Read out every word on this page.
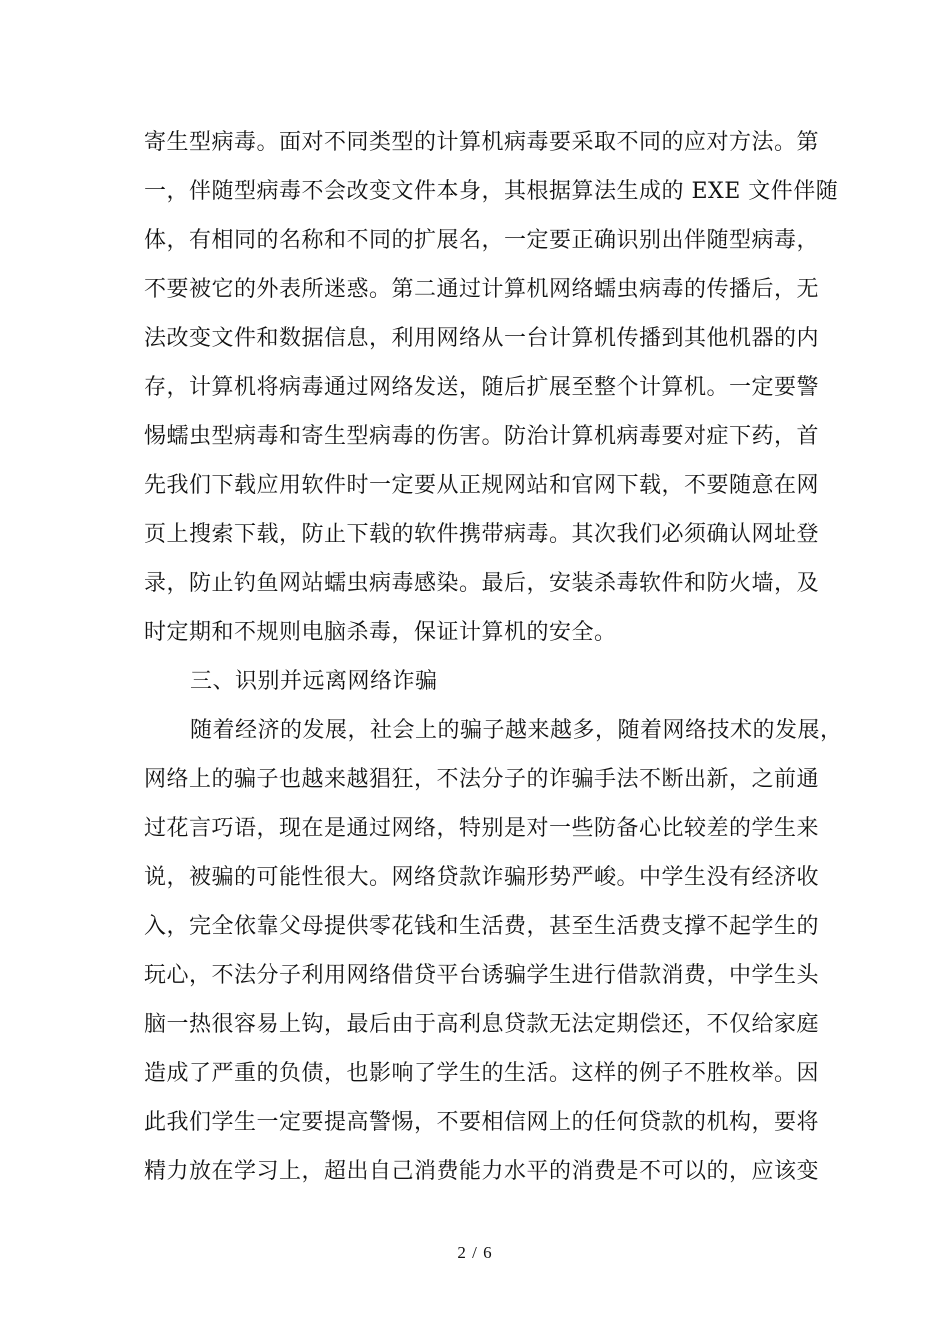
寄生型病毒。面对不同类型的计算机病毒要采取不同的应对方法。第
一，伴随型病毒不会改变文件本身，其根据算法生成的 EXE 文件伴随
体，有相同的名称和不同的扩展名，一定要正确识别出伴随型病毒，
不要被它的外表所迷惑。第二通过计算机网络蠕虫病毒的传播后，无
法改变文件和数据信息，利用网络从一台计算机传播到其他机器的内
存，计算机将病毒通过网络发送，随后扩展至整个计算机。一定要警
惕蠕虫型病毒和寄生型病毒的伤害。防治计算机病毒要对症下药，首
先我们下载应用软件时一定要从正规网站和官网下载，不要随意在网
页上搜索下载，防止下载的软件携带病毒。其次我们必须确认网址登
录，防止钓鱼网站蠕虫病毒感染。最后，安装杀毒软件和防火墙，及
时定期和不规则电脑杀毒，保证计算机的安全。
三、识别并远离网络诈骗
随着经济的发展，社会上的骗子越来越多，随着网络技术的发展，
网络上的骗子也越来越猖狂，不法分子的诈骗手法不断出新，之前通
过花言巧语，现在是通过网络，特别是对一些防备心比较差的学生来
说，被骗的可能性很大。网络贷款诈骗形势严峻。中学生没有经济收
入，完全依靠父母提供零花钱和生活费，甚至生活费支撑不起学生的
玩心，不法分子利用网络借贷平台诱骗学生进行借款消费，中学生头
脑一热很容易上钩，最后由于高利息贷款无法定期偿还，不仅给家庭
造成了严重的负债，也影响了学生的生活。这样的例子不胜枚举。因
此我们学生一定要提高警惕，不要相信网上的任何贷款的机构，要将
精力放在学习上，超出自己消费能力水平的消费是不可以的，应该变
2 / 6
